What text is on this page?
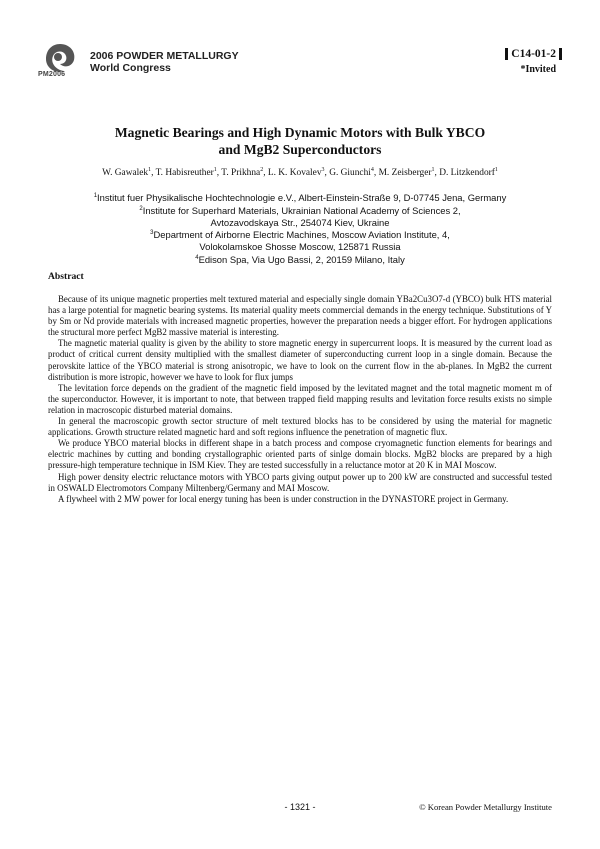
PM2006
2006 POWDER METALLURGY
World Congress
C14-01-2
*Invited
Magnetic Bearings and High Dynamic Motors with Bulk YBCO
and MgB2 Superconductors
W. Gawalek$^1$, T. Habisreuther$^1$, T. Prikhna$^2$, L. K. Kovalev$^3$, G. Giunchi$^4$, M. Zeisberger$^1$, D. Litzkendorf$^1$
$^1$Institut fuer Physikalische Hochtechnologie e.V., Albert-Einstein-Straße 9, D-07745 Jena, Germany
$^2$Institute for Superhard Materials, Ukrainian National Academy of Sciences 2,
Avtozavodskaya Str., 254074 Kiev, Ukraine
$^3$Department of Airborne Electric Machines, Moscow Aviation Institute, 4,
Volokolamskoe Shosse Moscow, 125871 Russia
$^4$Edison Spa, Via Ugo Bassi, 2, 20159 Milano, Italy
Abstract

Because of its unique magnetic properties melt textured material and especially single domain YBa2Cu3O7-d (YBCO) bulk HTS material has a large potential for magnetic bearing systems. Its material quality meets commercial demands in the energy technique. Substitutions of Y by Sm or Nd provide materials with increased magnetic properties, however the preparation needs a bigger effort. For hydrogen applications the structural more perfect MgB2 massive material is interesting.

The magnetic material quality is given by the ability to store magnetic energy in supercurrent loops. It is measured by the current load as product of critical current density multiplied with the smallest diameter of superconducting current loop in a single domain. Because the perovskite lattice of the YBCO material is strong anisotropic, we have to look on the current flow in the ab-planes. In MgB2 the current distribution is more istropic, however we have to look for flux jumps

The levitation force depends on the gradient of the magnetic field imposed by the levitated magnet and the total magnetic moment m of the superconductor. However, it is important to note, that between trapped field mapping results and levitation force results exists no simple relation in macroscopic disturbed material domains.

In general the macroscopic growth sector structure of melt textured blocks has to be considered by using the material for magnetic applications. Growth structure related magnetic hard and soft regions influence the penetration of magnetic flux.

We produce YBCO material blocks in different shape in a batch process and compose cryomagnetic function elements for bearings and electric machines by cutting and bonding crystallographic oriented parts of sinlge domain blocks. MgB2 blocks are prepared by a high pressure-high temperature technique in ISM Kiev. They are tested successfully in a reluctance motor at 20 K in MAI Moscow.

High power density electric reluctance motors with YBCO parts giving output power up to 200 kW are constructed and successful tested in OSWALD Electromotors Company Miltenberg/Germany and MAI Moscow.

A flywheel with 2 MW power for local energy tuning has been is under construction in the DYNASTORE project in Germany.

- 1321 -	© Korean Powder Metallurgy Institute
